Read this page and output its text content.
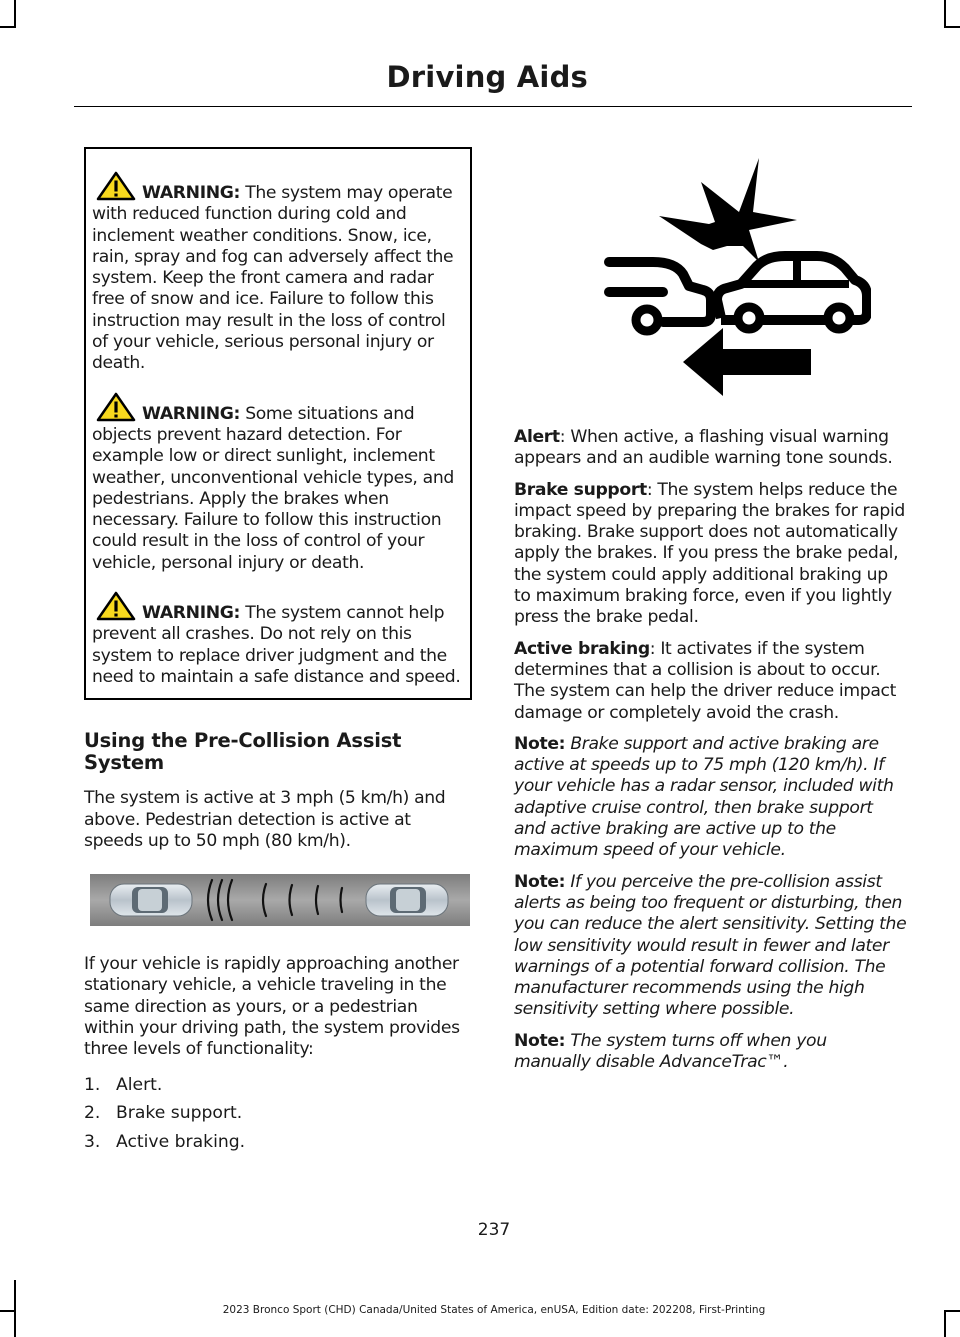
Driving Aids

WARNING: The system may operate with reduced function during cold and inclement weather conditions. Snow, ice, rain, spray and fog can adversely affect the system. Keep the front camera and radar free of snow and ice. Failure to follow this instruction may result in the loss of control of your vehicle, serious personal injury or death.

WARNING: Some situations and objects prevent hazard detection. For example low or direct sunlight, inclement weather, unconventional vehicle types, and pedestrians. Apply the brakes when necessary. Failure to follow this instruction could result in the loss of control of your vehicle, personal injury or death.

WARNING: The system cannot help prevent all crashes. Do not rely on this system to replace driver judgment and the need to maintain a safe distance and speed.

Using the Pre-Collision Assist System

The system is active at 3 mph (5 km/h) and above. Pedestrian detection is active at speeds up to 50 mph (80 km/h).

If your vehicle is rapidly approaching another stationary vehicle, a vehicle traveling in the same direction as yours, or a pedestrian within your driving path, the system provides three levels of functionality:

1. Alert.
2. Brake support.
3. Active braking.

Alert: When active, a flashing visual warning appears and an audible warning tone sounds.

Brake support: The system helps reduce the impact speed by preparing the brakes for rapid braking. Brake support does not automatically apply the brakes. If you press the brake pedal, the system could apply additional braking up to maximum braking force, even if you lightly press the brake pedal.

Active braking: It activates if the system determines that a collision is about to occur. The system can help the driver reduce impact damage or completely avoid the crash.

Note: Brake support and active braking are active at speeds up to 75 mph (120 km/h). If your vehicle has a radar sensor, included with adaptive cruise control, then brake support and active braking are active up to the maximum speed of your vehicle.

Note: If you perceive the pre-collision assist alerts as being too frequent or disturbing, then you can reduce the alert sensitivity. Setting the low sensitivity would result in fewer and later warnings of a potential forward collision. The manufacturer recommends using the high sensitivity setting where possible.

Note: The system turns off when you manually disable AdvanceTrac™.

237
2023 Bronco Sport (CHD) Canada/United States of America, enUSA, Edition date: 202208, First-Printing
